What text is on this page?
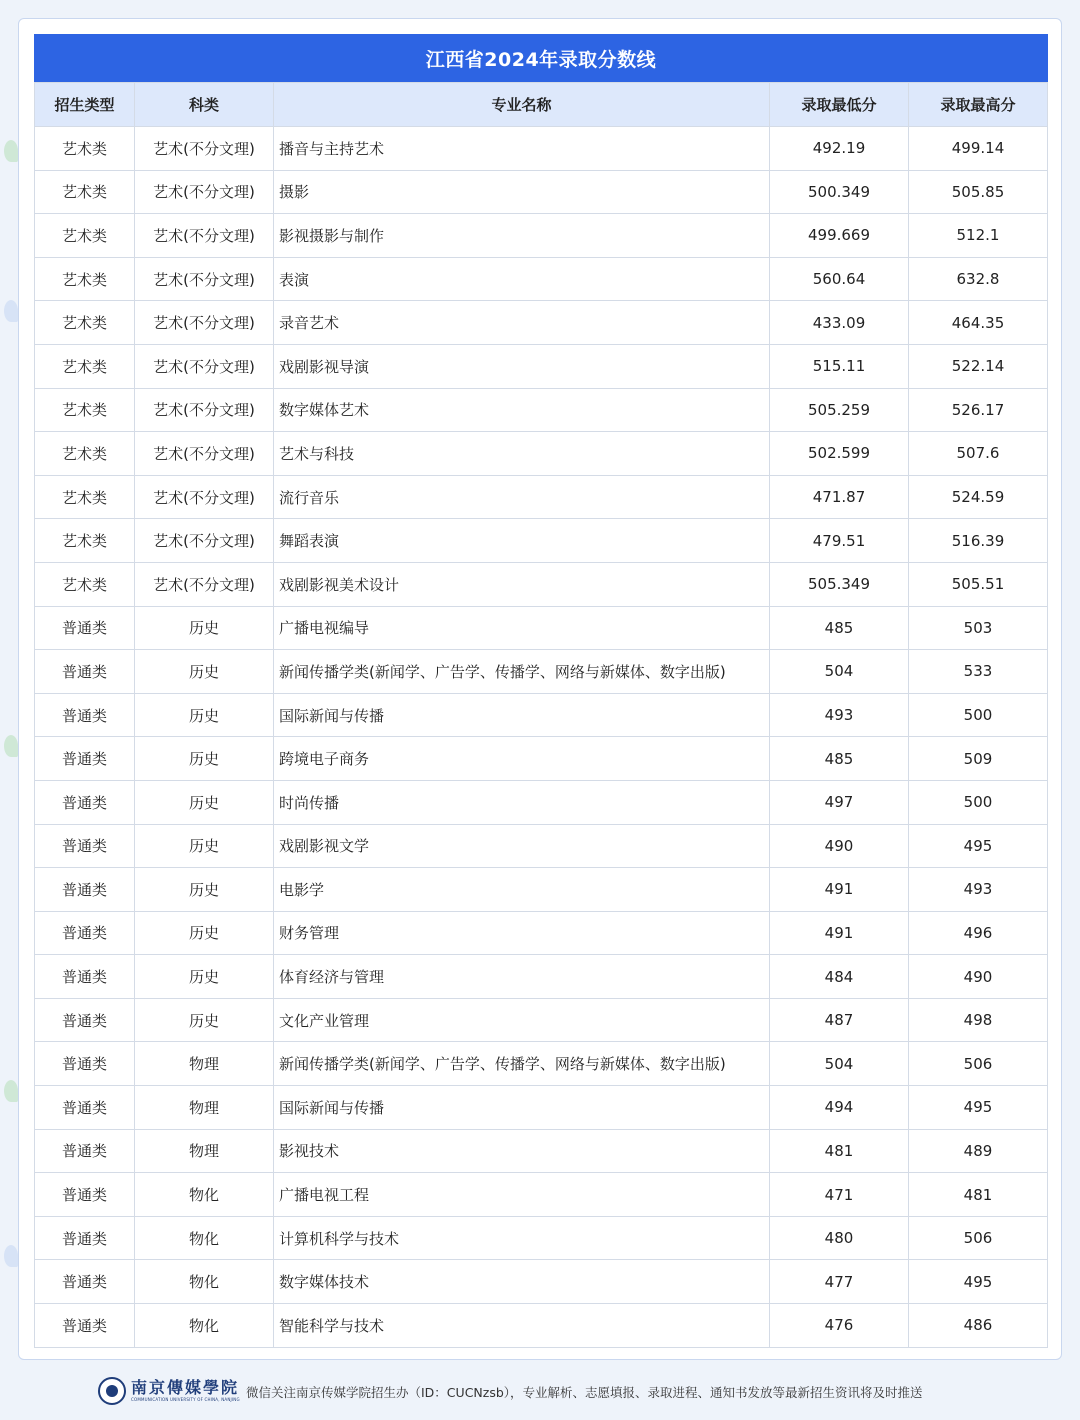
江西省2024年录取分数线
招生类型	科类	专业名称	录取最低分	录取最高分
艺术类	艺术(不分文理)	播音与主持艺术	492.19	499.14
艺术类	艺术(不分文理)	摄影	500.349	505.85
艺术类	艺术(不分文理)	影视摄影与制作	499.669	512.1
艺术类	艺术(不分文理)	表演	560.64	632.8
艺术类	艺术(不分文理)	录音艺术	433.09	464.35
艺术类	艺术(不分文理)	戏剧影视导演	515.11	522.14
艺术类	艺术(不分文理)	数字媒体艺术	505.259	526.17
艺术类	艺术(不分文理)	艺术与科技	502.599	507.6
艺术类	艺术(不分文理)	流行音乐	471.87	524.59
艺术类	艺术(不分文理)	舞蹈表演	479.51	516.39
艺术类	艺术(不分文理)	戏剧影视美术设计	505.349	505.51
普通类	历史	广播电视编导	485	503
普通类	历史	新闻传播学类(新闻学、广告学、传播学、网络与新媒体、数字出版)	504	533
普通类	历史	国际新闻与传播	493	500
普通类	历史	跨境电子商务	485	509
普通类	历史	时尚传播	497	500
普通类	历史	戏剧影视文学	490	495
普通类	历史	电影学	491	493
普通类	历史	财务管理	491	496
普通类	历史	体育经济与管理	484	490
普通类	历史	文化产业管理	487	498
普通类	物理	新闻传播学类(新闻学、广告学、传播学、网络与新媒体、数字出版)	504	506
普通类	物理	国际新闻与传播	494	495
普通类	物理	影视技术	481	489
普通类	物化	广播电视工程	471	481
普通类	物化	计算机科学与技术	480	506
普通类	物化	数字媒体技术	477	495
普通类	物化	智能科学与技术	476	486
南京傳媒學院
COMMUNICATION UNIVERSITY OF CHINA, NANJING 微信关注南京传媒学院招生办（ID：CUCNzsb），专业解析、志愿填报、录取进程、通知书发放等最新招生资讯将及时推送
